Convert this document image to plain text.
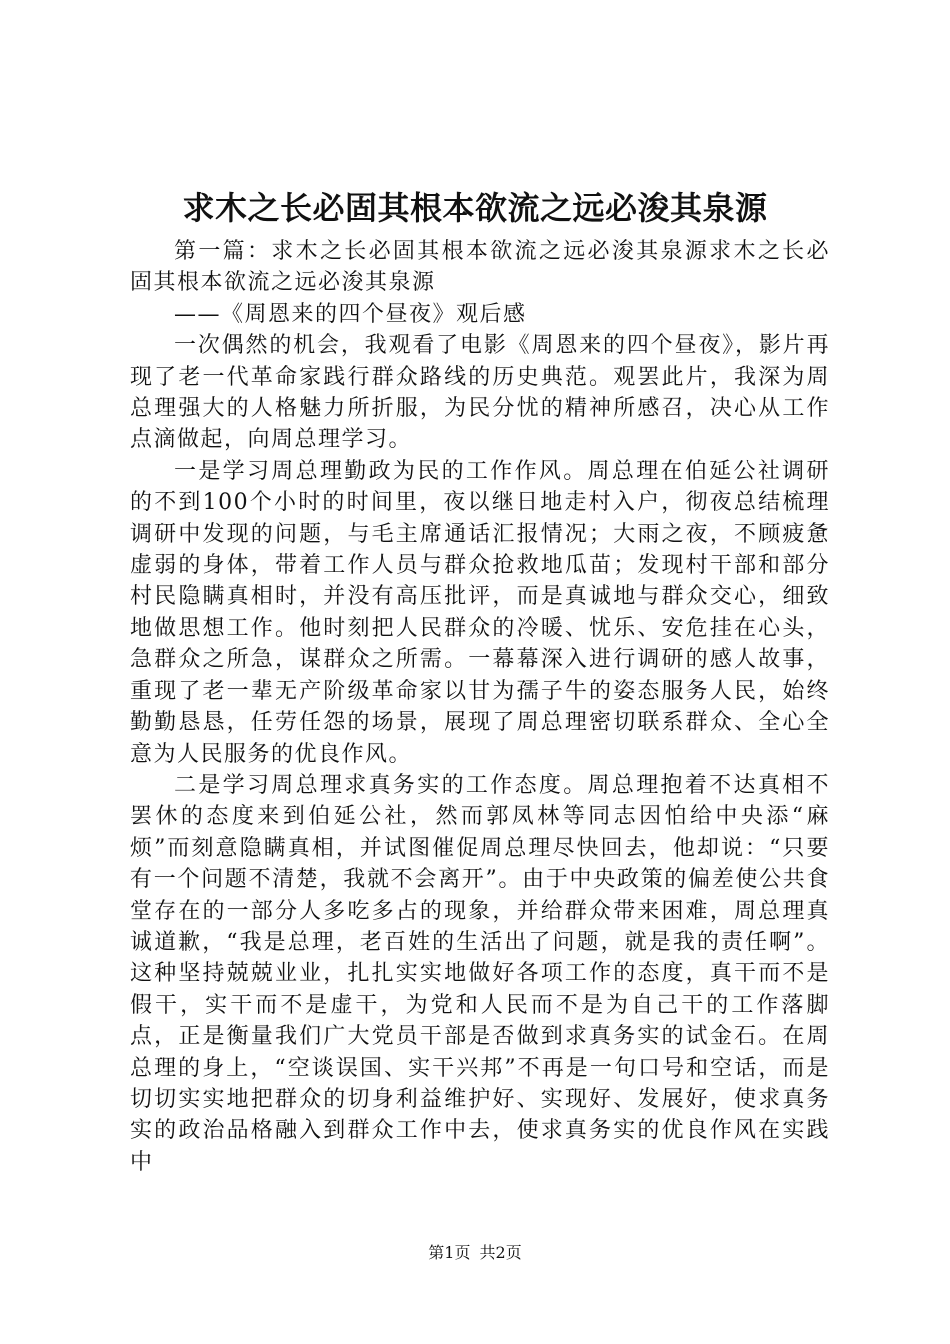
求木之长必固其根本欲流之远必浚其泉源

第一篇：求木之长必固其根本欲流之远必浚其泉源求木之长必固其根本欲流之远必浚其泉源

——《周恩来的四个昼夜》观后感

一次偶然的机会，我观看了电影《周恩来的四个昼夜》，影片再现了老一代革命家践行群众路线的历史典范。观罢此片，我深为周总理强大的人格魅力所折服，为民分忧的精神所感召，决心从工作点滴做起，向周总理学习。

一是学习周总理勤政为民的工作作风。周总理在伯延公社调研的不到100个小时的时间里，夜以继日地走村入户，彻夜总结梳理调研中发现的问题，与毛主席通话汇报情况；大雨之夜，不顾疲惫虚弱的身体，带着工作人员与群众抢救地瓜苗；发现村干部和部分村民隐瞒真相时，并没有高压批评，而是真诚地与群众交心，细致地做思想工作。他时刻把人民群众的冷暖、忧乐、安危挂在心头，急群众之所急，谋群众之所需。一幕幕深入进行调研的感人故事，重现了老一辈无产阶级革命家以甘为孺子牛的姿态服务人民，始终勤勤恳恳，任劳任怨的场景，展现了周总理密切联系群众、全心全意为人民服务的优良作风。

二是学习周总理求真务实的工作态度。周总理抱着不达真相不罢休的态度来到伯延公社，然而郭凤林等同志因怕给中央添“麻烦”而刻意隐瞒真相，并试图催促周总理尽快回去，他却说：“只要有一个问题不清楚，我就不会离开”。由于中央政策的偏差使公共食堂存在的一部分人多吃多占的现象，并给群众带来困难，周总理真诚道歉，“我是总理，老百姓的生活出了问题，就是我的责任啊”。这种坚持兢兢业业，扎扎实实地做好各项工作的态度，真干而不是假干，实干而不是虚干，为党和人民而不是为自己干的工作落脚点，正是衡量我们广大党员干部是否做到求真务实的试金石。在周总理的身上，“空谈误国、实干兴邦”不再是一句口号和空话，而是切切实实地把群众的切身利益维护好、实现好、发展好，使求真务实的政治品格融入到群众工作中去，使求真务实的优良作风在实践中

第1页 共2页
